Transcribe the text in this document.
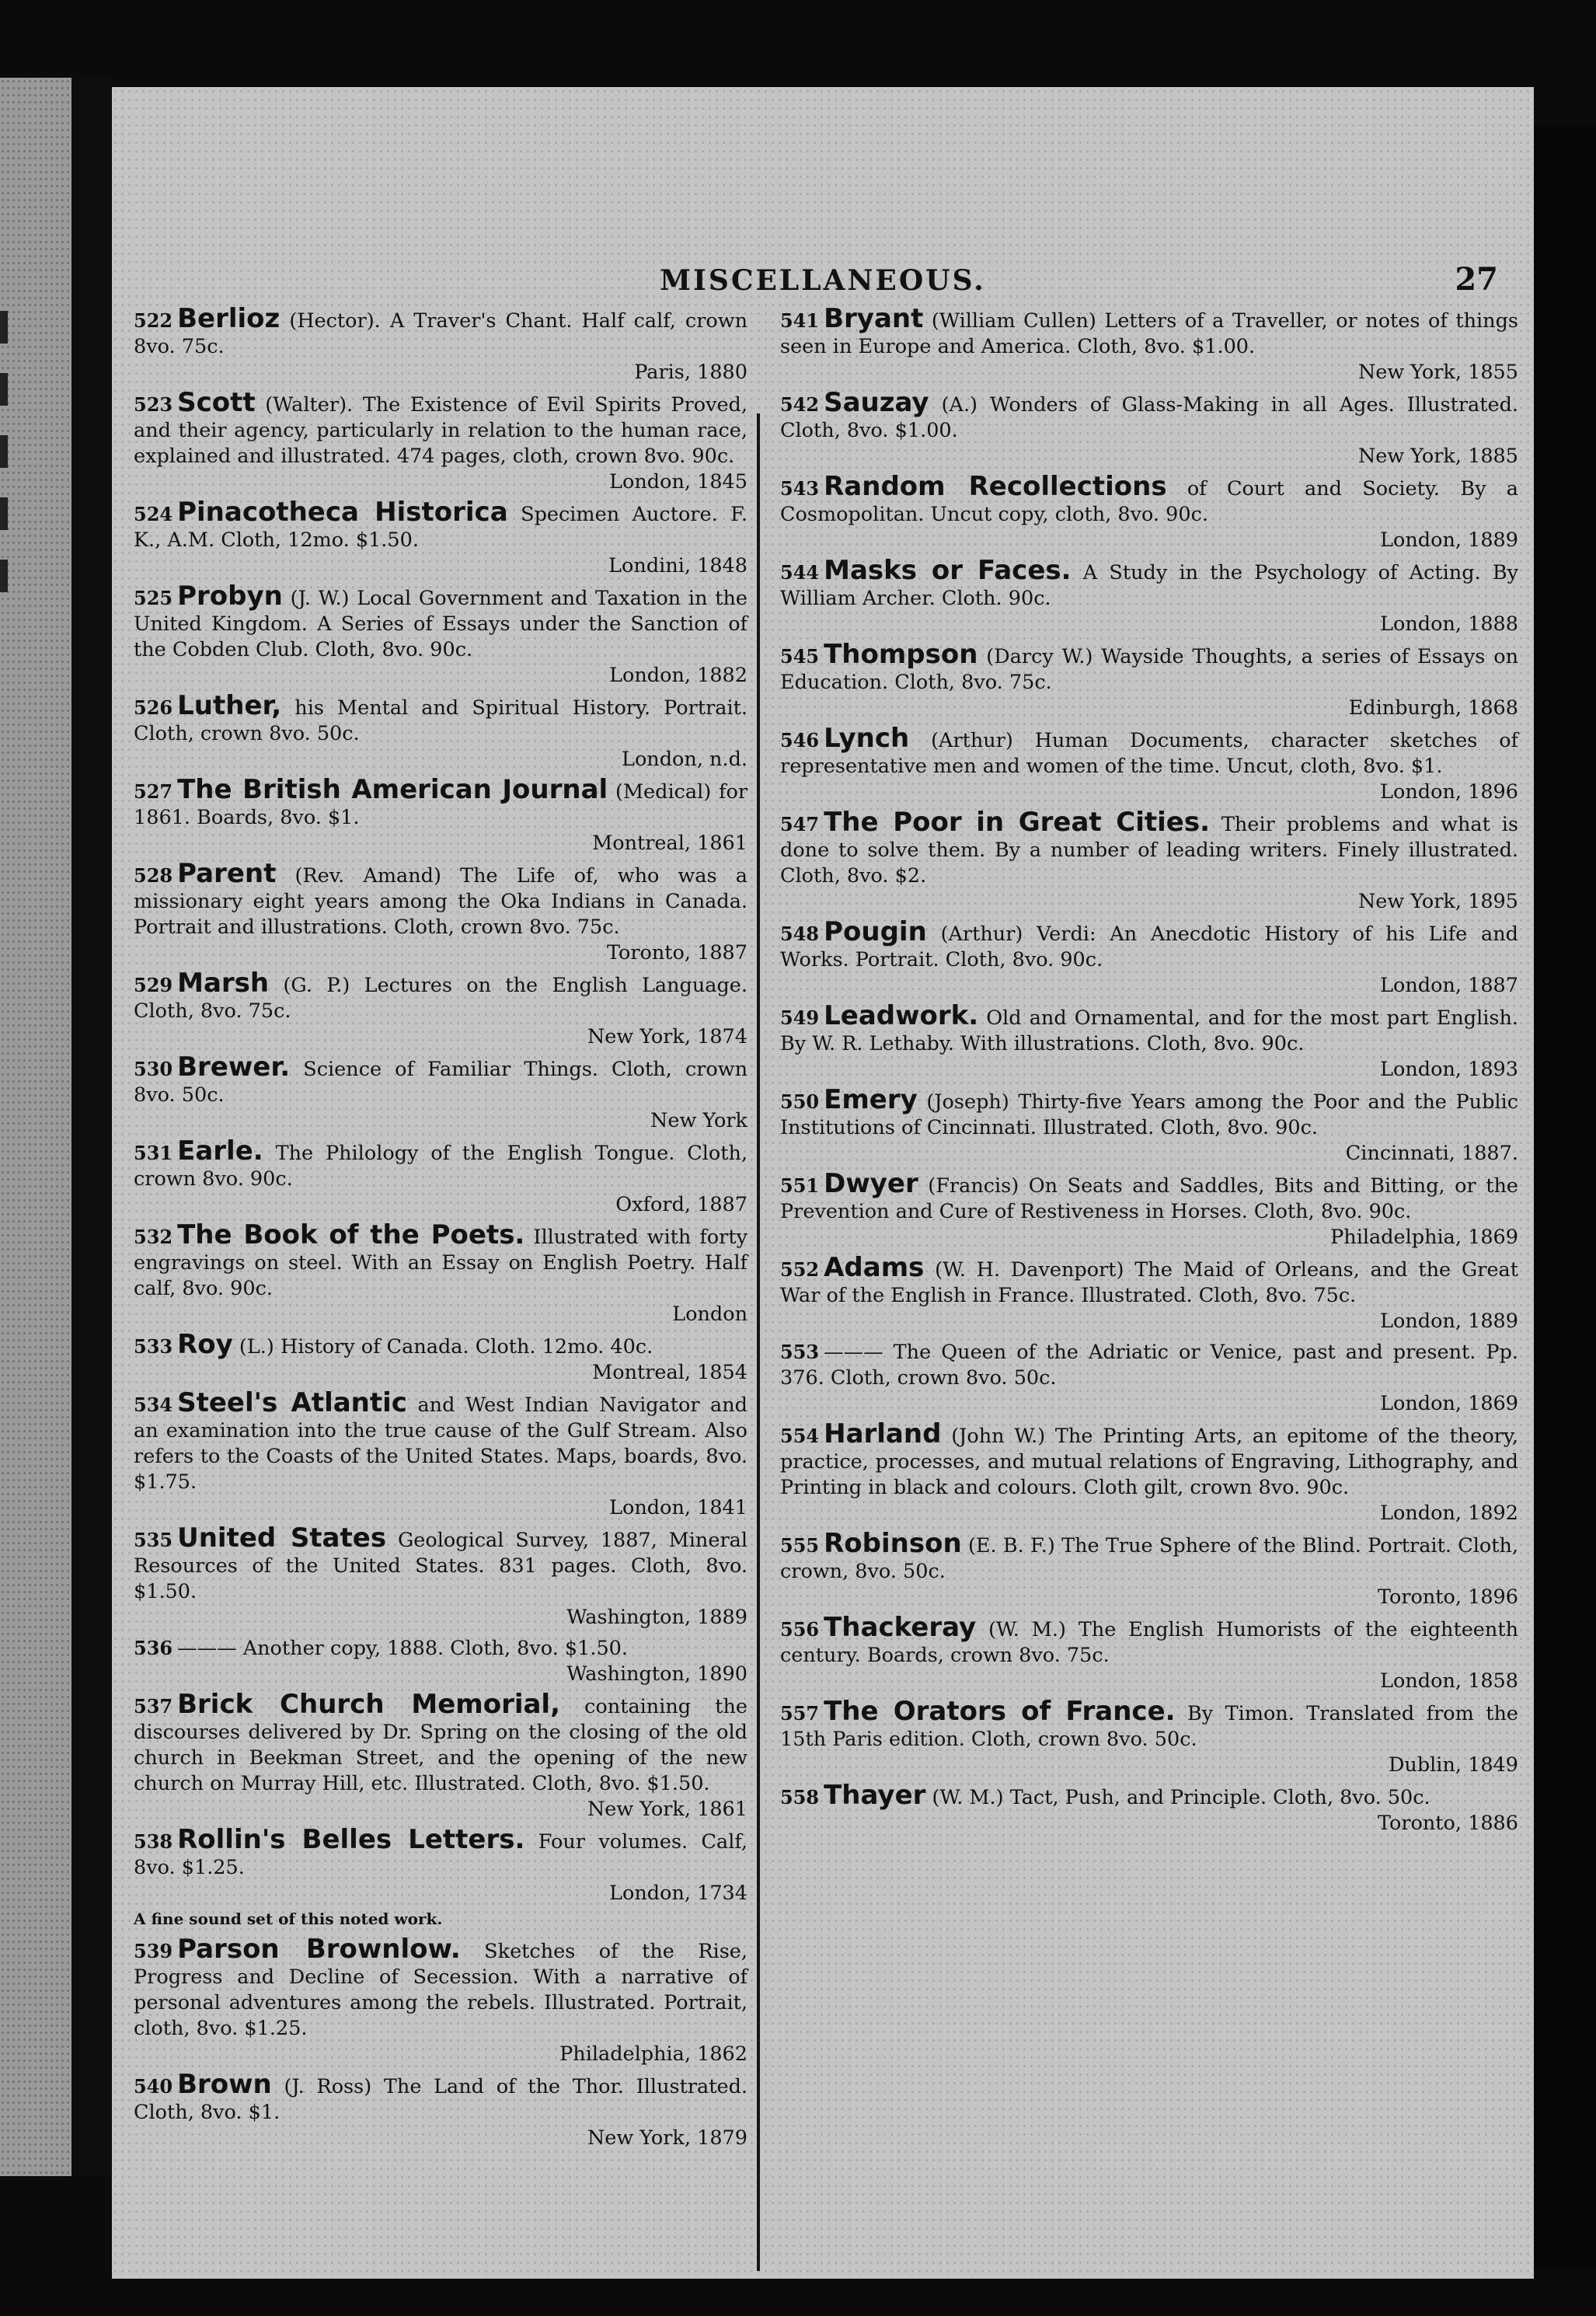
MISCELLANEOUS.	27
522 Berlioz (Hector). A Traver's Chant. Half calf, crown 8vo. 75c.
Paris, 1880
523 Scott (Walter). The Existence of Evil Spirits Proved, and their agency, particularly in relation to the human race, explained and illustrated. 474 pages, cloth, crown 8vo. 90c.
London, 1845
524 Pinacotheca Historica Specimen Auctore. F. K., A.M. Cloth, 12mo. $1.50.
Londini, 1848
525 Probyn (J. W.) Local Government and Taxation in the United Kingdom. A Series of Essays under the Sanction of the Cobden Club. Cloth, 8vo. 90c.
London, 1882
526 Luther, his Mental and Spiritual History. Portrait. Cloth, crown 8vo. 50c.
London, n.d.
527 The British American Journal (Medical) for 1861. Boards, 8vo. $1.
Montreal, 1861
528 Parent (Rev. Amand) The Life of, who was a missionary eight years among the Oka Indians in Canada. Portrait and illustrations. Cloth, crown 8vo. 75c.
Toronto, 1887
529 Marsh (G. P.) Lectures on the English Language. Cloth, 8vo. 75c.
New York, 1874
530 Brewer. Science of Familiar Things. Cloth, crown 8vo. 50c.
New York
531 Earle. The Philology of the English Tongue. Cloth, crown 8vo. 90c.
Oxford, 1887
532 The Book of the Poets. Illustrated with forty engravings on steel. With an Essay on English Poetry. Half calf, 8vo. 90c.
London
533 Roy (L.) History of Canada. Cloth. 12mo. 40c.
Montreal, 1854
534 Steel's Atlantic and West Indian Navigator and an examination into the true cause of the Gulf Stream. Also refers to the Coasts of the United States. Maps, boards, 8vo. $1.75.
London, 1841
535 United States Geological Survey, 1887, Mineral Resources of the United States. 831 pages. Cloth, 8vo. $1.50.
Washington, 1889
536 ——— Another copy, 1888. Cloth, 8vo. $1.50.
Washington, 1890
537 Brick Church Memorial, containing the discourses delivered by Dr. Spring on the closing of the old church in Beekman Street, and the opening of the new church on Murray Hill, etc. Illustrated. Cloth, 8vo. $1.50.
New York, 1861
538 Rollin's Belles Letters. Four volumes. Calf, 8vo. $1.25.
London, 1734
A fine sound set of this noted work.
539 Parson Brownlow. Sketches of the Rise, Progress and Decline of Secession. With a narrative of personal adventures among the rebels. Illustrated. Portrait, cloth, 8vo. $1.25.
Philadelphia, 1862
540 Brown (J. Ross) The Land of the Thor. Illustrated. Cloth, 8vo. $1.
New York, 1879
541 Bryant (William Cullen) Letters of a Traveller, or notes of things seen in Europe and America. Cloth, 8vo. $1.00.
New York, 1855
542 Sauzay (A.) Wonders of Glass-Making in all Ages. Illustrated. Cloth, 8vo. $1.00.
New York, 1885
543 Random Recollections of Court and Society. By a Cosmopolitan. Uncut copy, cloth, 8vo. 90c.
London, 1889
544 Masks or Faces. A Study in the Psychology of Acting. By William Archer. Cloth. 90c.
London, 1888
545 Thompson (Darcy W.) Wayside Thoughts, a series of Essays on Education. Cloth, 8vo. 75c.
Edinburgh, 1868
546 Lynch (Arthur) Human Documents, character sketches of representative men and women of the time. Uncut, cloth, 8vo. $1.
London, 1896
547 The Poor in Great Cities. Their problems and what is done to solve them. By a number of leading writers. Finely illustrated. Cloth, 8vo. $2.
New York, 1895
548 Pougin (Arthur) Verdi: An Anecdotic History of his Life and Works. Portrait. Cloth, 8vo. 90c.
London, 1887
549 Leadwork. Old and Ornamental, and for the most part English. By W. R. Lethaby. With illustrations. Cloth, 8vo. 90c.
London, 1893
550 Emery (Joseph) Thirty-five Years among the Poor and the Public Institutions of Cincinnati. Illustrated. Cloth, 8vo. 90c.
Cincinnati, 1887.
551 Dwyer (Francis) On Seats and Saddles, Bits and Bitting, or the Prevention and Cure of Restiveness in Horses. Cloth, 8vo. 90c.
Philadelphia, 1869
552 Adams (W. H. Davenport) The Maid of Orleans, and the Great War of the English in France. Illustrated. Cloth, 8vo. 75c.
London, 1889
553 ——— The Queen of the Adriatic or Venice, past and present. Pp. 376. Cloth, crown 8vo. 50c.
London, 1869
554 Harland (John W.) The Printing Arts, an epitome of the theory, practice, processes, and mutual relations of Engraving, Lithography, and Printing in black and colours. Cloth gilt, crown 8vo. 90c.
London, 1892
555 Robinson (E. B. F.) The True Sphere of the Blind. Portrait. Cloth, crown, 8vo. 50c.
Toronto, 1896
556 Thackeray (W. M.) The English Humorists of the eighteenth century. Boards, crown 8vo. 75c.
London, 1858
557 The Orators of France. By Timon. Translated from the 15th Paris edition. Cloth, crown 8vo. 50c.
Dublin, 1849
558 Thayer (W. M.) Tact, Push, and Principle. Cloth, 8vo. 50c.
Toronto, 1886
